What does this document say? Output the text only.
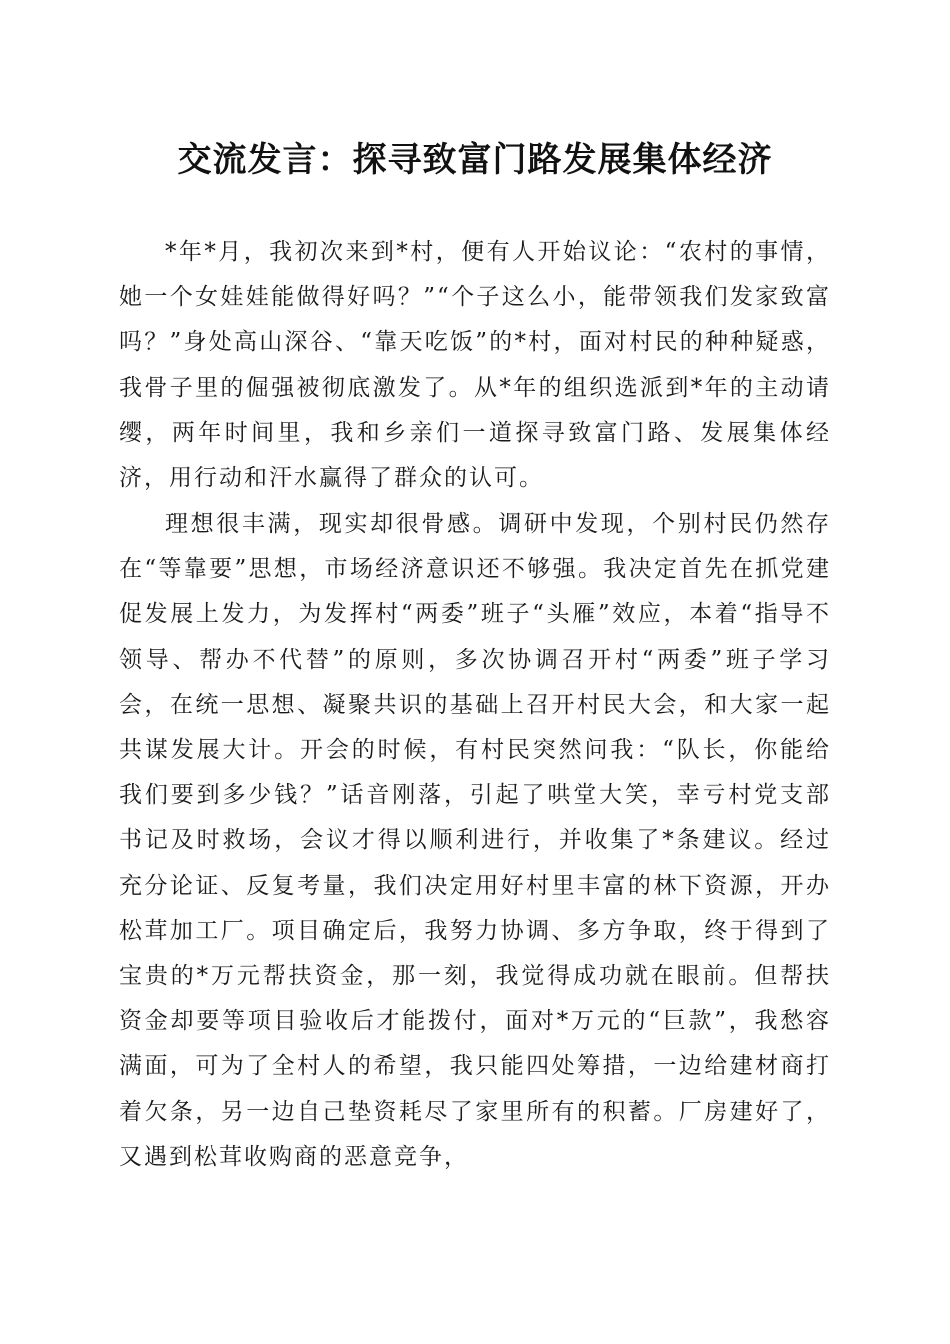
交流发言：探寻致富门路发展集体经济

*年*月，我初次来到*村，便有人开始议论：“农村的事情，她一个女娃娃能做得好吗？”“个子这么小，能带领我们发家致富吗？”身处高山深谷、“靠天吃饭”的*村，面对村民的种种疑惑，我骨子里的倔强被彻底激发了。从*年的组织选派到*年的主动请缨，两年时间里，我和乡亲们一道探寻致富门路、发展集体经济，用行动和汗水赢得了群众的认可。

理想很丰满，现实却很骨感。调研中发现，个别村民仍然存在“等靠要”思想，市场经济意识还不够强。我决定首先在抓党建促发展上发力，为发挥村“两委”班子“头雁”效应，本着“指导不领导、帮办不代替”的原则，多次协调召开村“两委”班子学习会，在统一思想、凝聚共识的基础上召开村民大会，和大家一起共谋发展大计。开会的时候，有村民突然问我：“队长，你能给我们要到多少钱？”话音刚落，引起了哄堂大笑，幸亏村党支部书记及时救场，会议才得以顺利进行，并收集了*条建议。经过充分论证、反复考量，我们决定用好村里丰富的林下资源，开办松茸加工厂。项目确定后，我努力协调、多方争取，终于得到了宝贵的*万元帮扶资金，那一刻，我觉得成功就在眼前。但帮扶资金却要等项目验收后才能拨付，面对*万元的“巨款”，我愁容满面，可为了全村人的希望，我只能四处筹措，一边给建材商打着欠条，另一边自己垫资耗尽了家里所有的积蓄。厂房建好了，又遇到松茸收购商的恶意竞争，
